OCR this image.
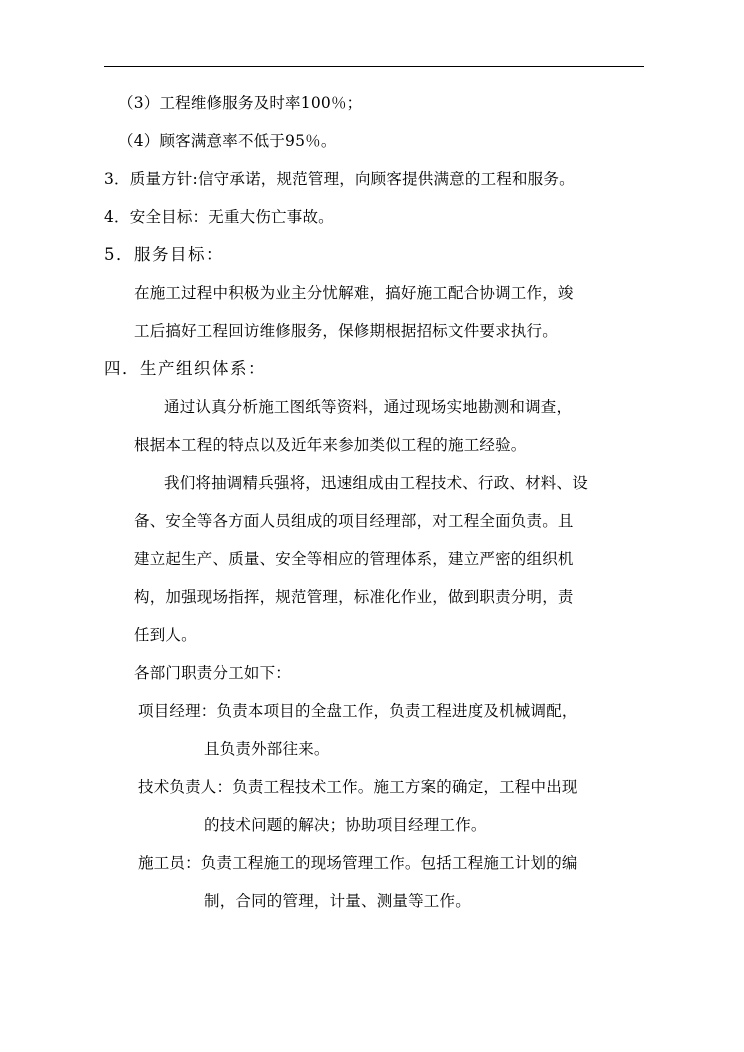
（3）工程维修服务及时率100％；
（4）顾客满意率不低于95％。
3．质量方针:信守承诺，规范管理，向顾客提供满意的工程和服务。
4．安全目标：无重大伤亡事故。
5．服务目标：
在施工过程中积极为业主分忧解难，搞好施工配合协调工作，竣
工后搞好工程回访维修服务，保修期根据招标文件要求执行。
四．生产组织体系：
通过认真分析施工图纸等资料，通过现场实地勘测和调查，
根据本工程的特点以及近年来参加类似工程的施工经验。
我们将抽调精兵强将，迅速组成由工程技术、行政、材料、设
备、安全等各方面人员组成的项目经理部，对工程全面负责。且
建立起生产、质量、安全等相应的管理体系，建立严密的组织机
构，加强现场指挥，规范管理，标准化作业，做到职责分明，责
任到人。
各部门职责分工如下：
项目经理：负责本项目的全盘工作，负责工程进度及机械调配，
且负责外部往来。
技术负责人：负责工程技术工作。施工方案的确定，工程中出现
的技术问题的解决；协助项目经理工作。
施工员：负责工程施工的现场管理工作。包括工程施工计划的编
制，合同的管理，计量、测量等工作。
